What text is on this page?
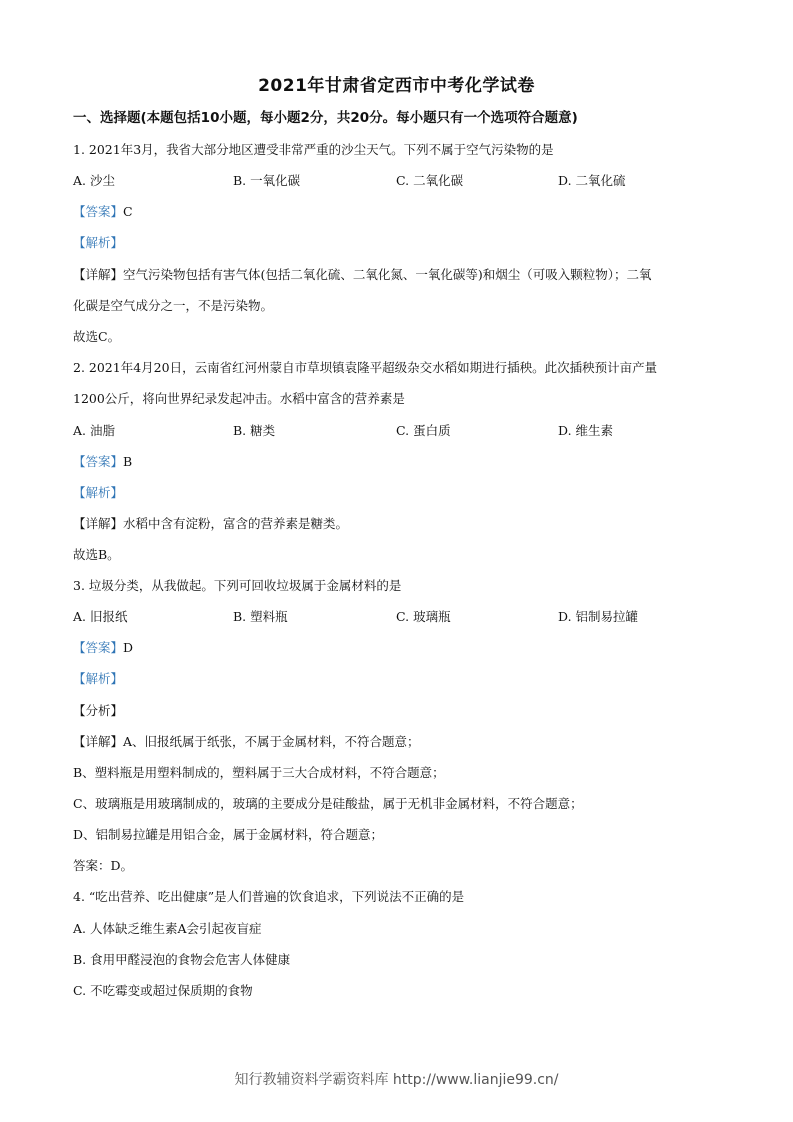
2021年甘肃省定西市中考化学试卷
一、选择题(本题包括10小题，每小题2分，共20分。每小题只有一个选项符合题意)
1. 2021年3月，我省大部分地区遭受非常严重的沙尘天气。下列不属于空气污染物的是
A. 沙尘	B. 一氧化碳	C. 二氧化碳	D. 二氧化硫
【答案】C
【解析】
【详解】空气污染物包括有害气体(包括二氧化硫、二氧化氮、一氧化碳等)和烟尘（可吸入颗粒物）；二氧
化碳是空气成分之一，不是污染物。
故选C。
2. 2021年4月20日，云南省红河州蒙自市草坝镇袁隆平超级杂交水稻如期进行插秧。此次插秧预计亩产量
1200公斤，将向世界纪录发起冲击。水稻中富含的营养素是
A. 油脂	B. 糖类	C. 蛋白质	D. 维生素
【答案】B
【解析】
【详解】水稻中含有淀粉，富含的营养素是糖类。
故选B。
3. 垃圾分类，从我做起。下列可回收垃圾属于金属材料的是
A. 旧报纸	B. 塑料瓶	C. 玻璃瓶	D. 铝制易拉罐
【答案】D
【解析】
【分析】
【详解】A、旧报纸属于纸张，不属于金属材料，不符合题意；
B、塑料瓶是用塑料制成的，塑料属于三大合成材料，不符合题意；
C、玻璃瓶是用玻璃制成的，玻璃的主要成分是硅酸盐，属于无机非金属材料，不符合题意；
D、铝制易拉罐是用铝合金，属于金属材料，符合题意；
答案：D。
4. “吃出营养、吃出健康”是人们普遍的饮食追求，下列说法不正确的是
A. 人体缺乏维生素A会引起夜盲症
B. 食用甲醛浸泡的食物会危害人体健康
C. 不吃霉变或超过保质期的食物
知行教辅资料学霸资料库 http://www.lianjie99.cn/
